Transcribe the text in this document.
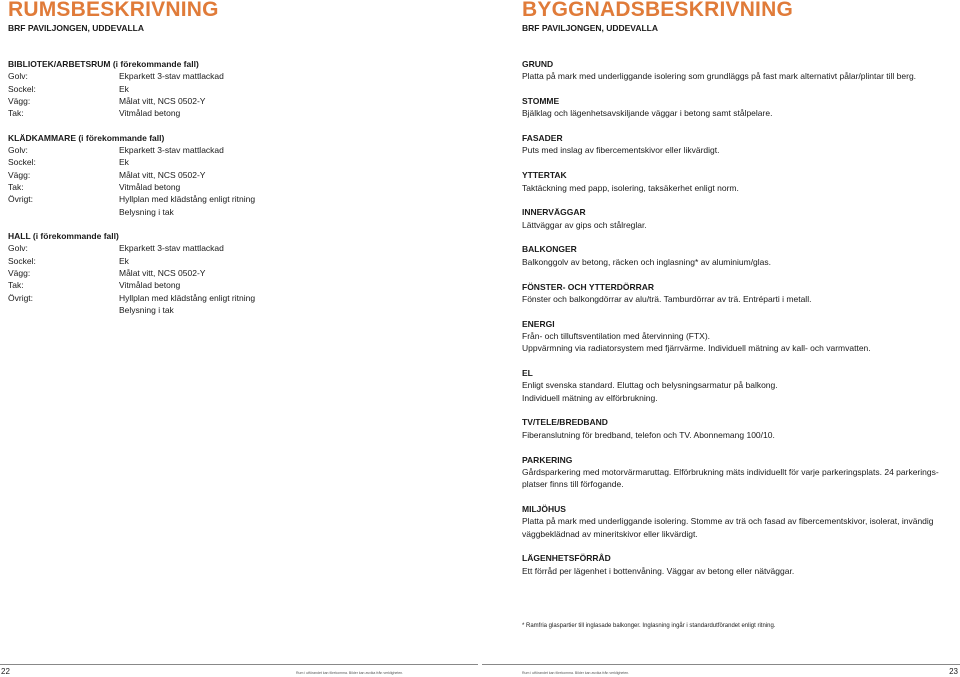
RUMSBESKRIVNING
BRF PAVILJONGEN, UDDEVALLA
BIBLIOTEK/ARBETSRUM (i förekommande fall)
Golv:	Ekparkett 3-stav mattlackad
Sockel:	Ek
Vägg:	Målat vitt, NCS 0502-Y
Tak:	Vitmålad betong
KLÄDKAMMARE (i förekommande fall)
Golv:	Ekparkett 3-stav mattlackad
Sockel:	Ek
Vägg:	Målat vitt, NCS 0502-Y
Tak:	Vitmålad betong
Övrigt:	Hyllplan med klädstång enligt ritning
Belysning i tak
HALL (i förekommande fall)
Golv:	Ekparkett 3-stav mattlackad
Sockel:	Ek
Vägg:	Målat vitt, NCS 0502-Y
Tak:	Vitmålad betong
Övrigt:	Hyllplan med klädstång enligt ritning
Belysning i tak
BYGGNADSBESKRIVNING
BRF PAVILJONGEN, UDDEVALLA
GRUND
Platta på mark med underliggande isolering som grundläggs på fast mark alternativt pålar/plintar till berg.
STOMME
Bjälklag och lägenhetsavskiljande väggar i betong samt stålpelare.
FASADER
Puts med inslag av fibercementskivor eller likvärdigt.
YTTERTAK
Taktäckning med papp, isolering, taksäkerhet enligt norm.
INNERVÄGGAR
Lättväggar av gips och stålreglar.
BALKONGER
Balkonggolv av betong, räcken och inglasning* av aluminium/glas.
FÖNSTER- OCH YTTERDÖRRAR
Fönster och balkongdörrar av alu/trä. Tamburdörrar av trä. Entréparti i metall.
ENERGI
Från- och tilluftsventilation med återvinning (FTX).
Uppvärmning via radiatorsystem med fjärrvärme. Individuell mätning av kall- och varmvatten.
EL
Enligt svenska standard. Eluttag och belysningsarmatur på balkong.
Individuell mätning av elförbrukning.
TV/TELE/BREDBAND
Fiberanslutning för bredband, telefon och TV. Abonnemang 100/10.
PARKERING
Gårdsparkering med motorvärmaruttag. Elförbrukning mäts individuellt för varje parkeringsplats. 24 parkerings-
platser finns till förfogande.
MILJÖHUS
Platta på mark med underliggande isolering. Stomme av trä och fasad av fibercementskivor, isolerat, invändig
väggbeklädnad av mineritskivor eller likvärdigt.
LÄGENHETSFÖRRÅD
Ett förråd per lägenhet i bottenvåning. Väggar av betong eller nätväggar.
* Ramfria glaspartier till inglasade balkonger. Inglasning ingår i standardutförandet enligt ritning.
22	23
Rum i utförandet kan förekomma. Bilder kan avvika från verkligheten.	Rum i utförandet kan förekomma. Bilder kan avvika från verkligheten.
